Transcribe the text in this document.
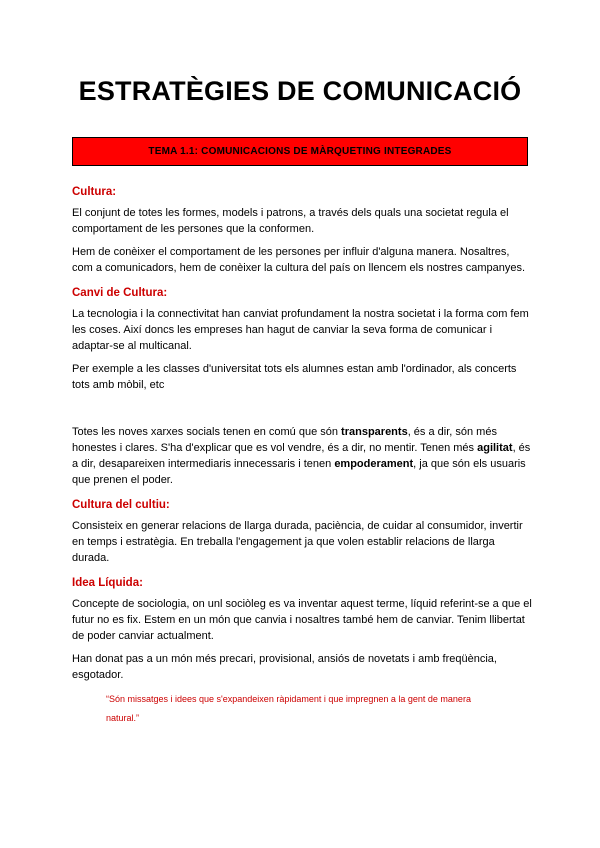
ESTRATÈGIES DE COMUNICACIÓ
TEMA 1.1: COMUNICACIONS DE MÀRQUETING INTEGRADES
Cultura:

El conjunt de totes les formes, models i patrons, a través dels quals una societat regula el comportament de les persones que la conformen.

Hem de conèixer el comportament de les persones per influir d'alguna manera. Nosaltres, com a comunicadors, hem de conèixer la cultura del país on llencem els nostres campanyes.

Canvi de Cultura:

La tecnologia i la connectivitat han canviat profundament la nostra societat i la forma com fem les coses. Així doncs les empreses han hagut de canviar la seva forma de comunicar i adaptar-se al multicanal.

Per exemple a les classes d'universitat tots els alumnes estan amb l'ordinador, als concerts tots amb mòbil, etc

Totes les noves xarxes socials tenen en comú que són transparents, és a dir, són més honestes i clares. S'ha d'explicar que es vol vendre, és a dir, no mentir. Tenen més agilitat, és a dir, desapareixen intermediaris innecessaris i tenen empoderament, ja que són els usuaris que prenen el poder.

Cultura del cultiu:

Consisteix en generar relacions de llarga durada, paciència, de cuidar al consumidor, invertir en temps i estratègia. En treballa l'engagement ja que volen establir relacions de llarga durada.

Idea Líquida:

Concepte de sociologia, on unl sociòleg es va inventar aquest terme, líquid referint-se a que el futur no es fix. Estem en un món que canvia i nosaltres també hem de canviar. Tenim llibertat de poder canviar actualment.

Han donat pas a un món més precari, provisional, ansiós de novetats i amb freqüència, esgotador.

“Són missatges i idees que s'expandeixen ràpidament i que impregnen a la gent de manera natural.”
